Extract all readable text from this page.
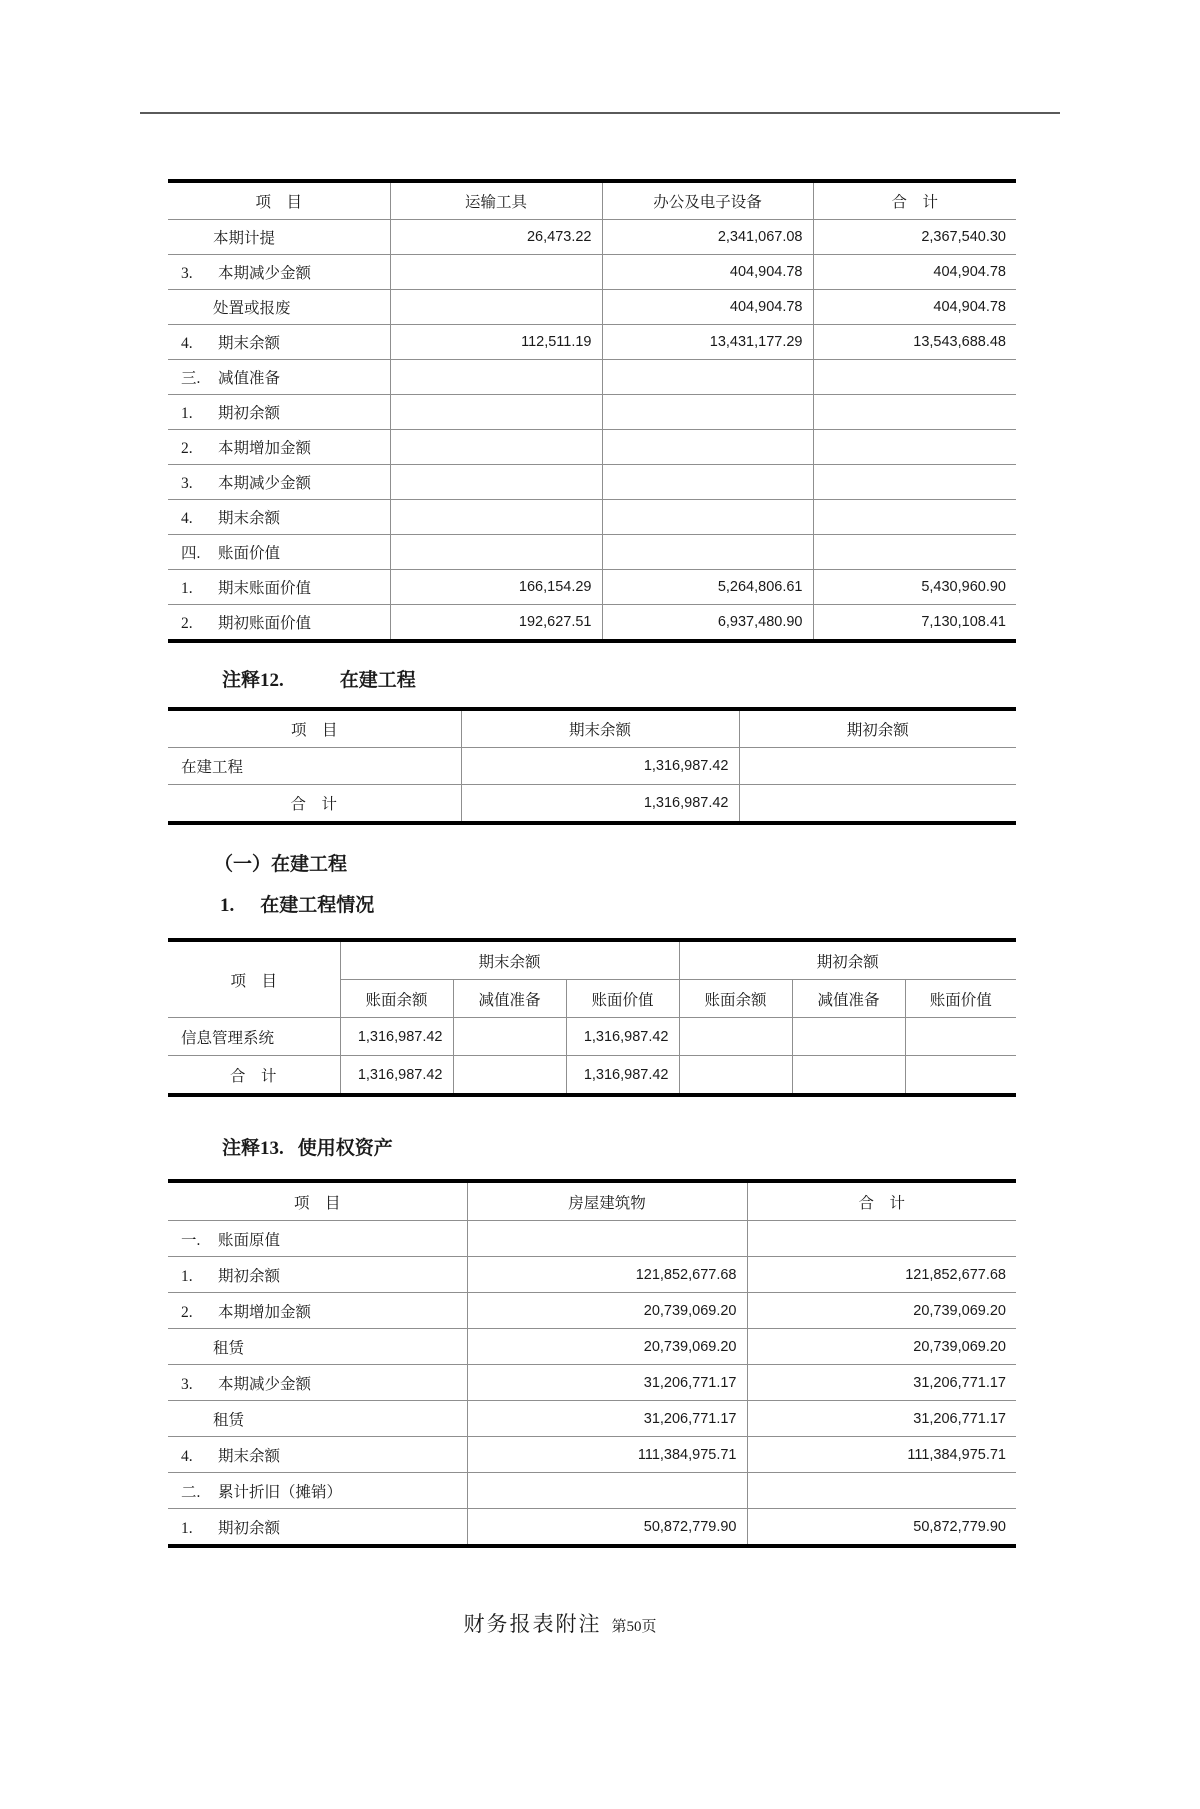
项　目	运输工具	办公及电子设备	合　计
本期计提	26,473.22	2,341,067.08	2,367,540.30
3. 本期减少金额		404,904.78	404,904.78
处置或报废		404,904.78	404,904.78
4. 期末余额	112,511.19	13,431,177.29	13,543,688.48
三. 减值准备			
1. 期初余额			
2. 本期增加金额			
3. 本期减少金额			
4. 期末余额			
四. 账面价值			
1. 期末账面价值	166,154.29	5,264,806.61	5,430,960.90
2. 期初账面价值	192,627.51	6,937,480.90	7,130,108.41
注释12.	在建工程
项　目	期末余额	期初余额
在建工程	1,316,987.42	
合　计	1,316,987.42	
（一）在建工程
1. 在建工程情况
项　目	期末余额			期初余额		
	账面余额	减值准备	账面价值	账面余额	减值准备	账面价值
信息管理系统	1,316,987.42		1,316,987.42			
合　计	1,316,987.42		1,316,987.42			
注释13. 使用权资产
项　目	房屋建筑物	合　计
一. 账面原值		
1. 期初余额	121,852,677.68	121,852,677.68
2. 本期增加金额	20,739,069.20	20,739,069.20
租赁	20,739,069.20	20,739,069.20
3. 本期减少金额	31,206,771.17	31,206,771.17
租赁	31,206,771.17	31,206,771.17
4. 期末余额	111,384,975.71	111,384,975.71
二. 累计折旧（摊销）		
1. 期初余额	50,872,779.90	50,872,779.90
财务报表附注 第50页
